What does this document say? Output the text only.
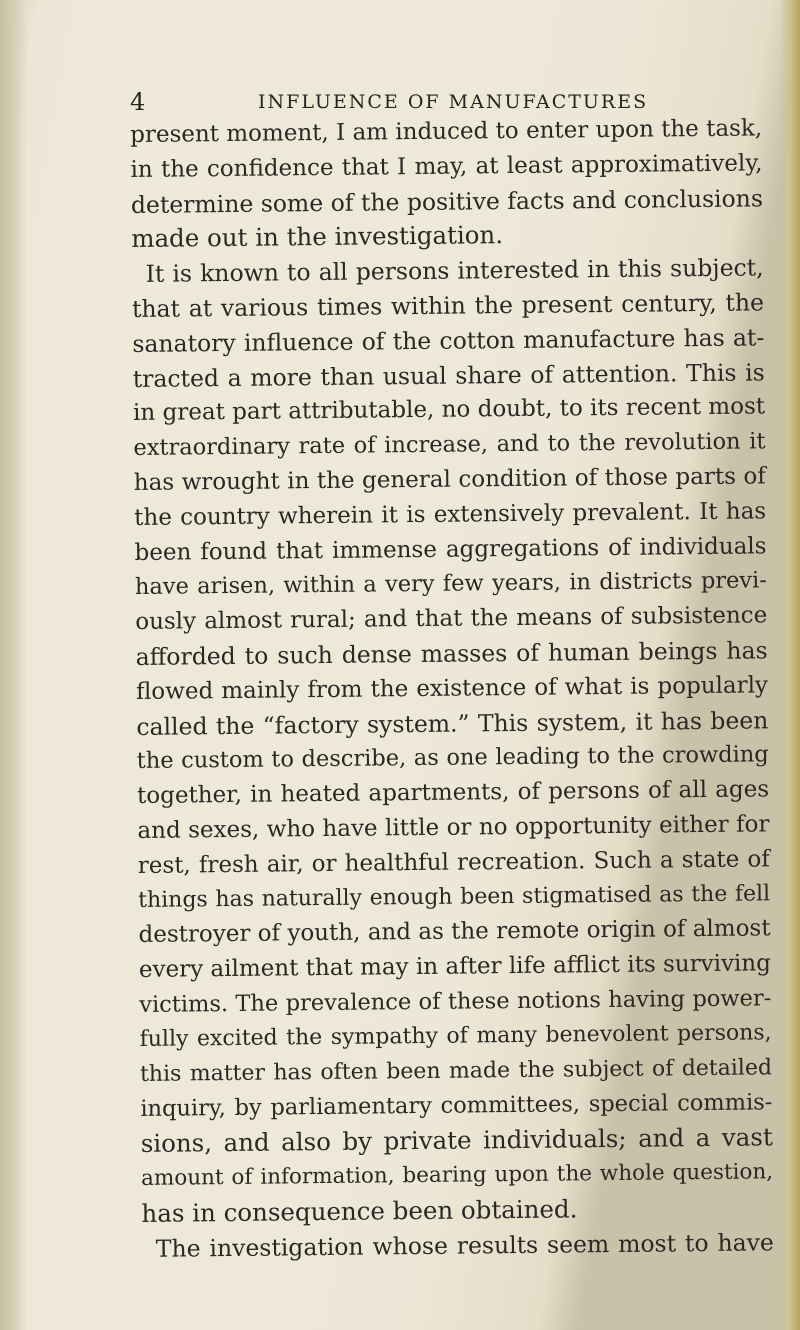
4	INFLUENCE OF MANUFACTURES
present moment, I am induced to enter upon the task,
in the confidence that I may, at least approximatively,
determine some of the positive facts and conclusions
made out in the investigation.
It is known to all persons interested in this subject,
that at various times within the present century, the
sanatory influence of the cotton manufacture has at-
tracted a more than usual share of attention. This is
in great part attributable, no doubt, to its recent most
extraordinary rate of increase, and to the revolution it
has wrought in the general condition of those parts of
the country wherein it is extensively prevalent. It has
been found that immense aggregations of individuals
have arisen, within a very few years, in districts previ-
ously almost rural; and that the means of subsistence
afforded to such dense masses of human beings has
flowed mainly from the existence of what is popularly
called the “factory system.” This system, it has been
the custom to describe, as one leading to the crowding
together, in heated apartments, of persons of all ages
and sexes, who have little or no opportunity either for
rest, fresh air, or healthful recreation. Such a state of
things has naturally enough been stigmatised as the fell
destroyer of youth, and as the remote origin of almost
every ailment that may in after life afflict its surviving
victims. The prevalence of these notions having power-
fully excited the sympathy of many benevolent persons,
this matter has often been made the subject of detailed
inquiry, by parliamentary committees, special commis-
sions, and also by private individuals; and a vast
amount of information, bearing upon the whole question,
has in consequence been obtained.
The investigation whose results seem most to have
